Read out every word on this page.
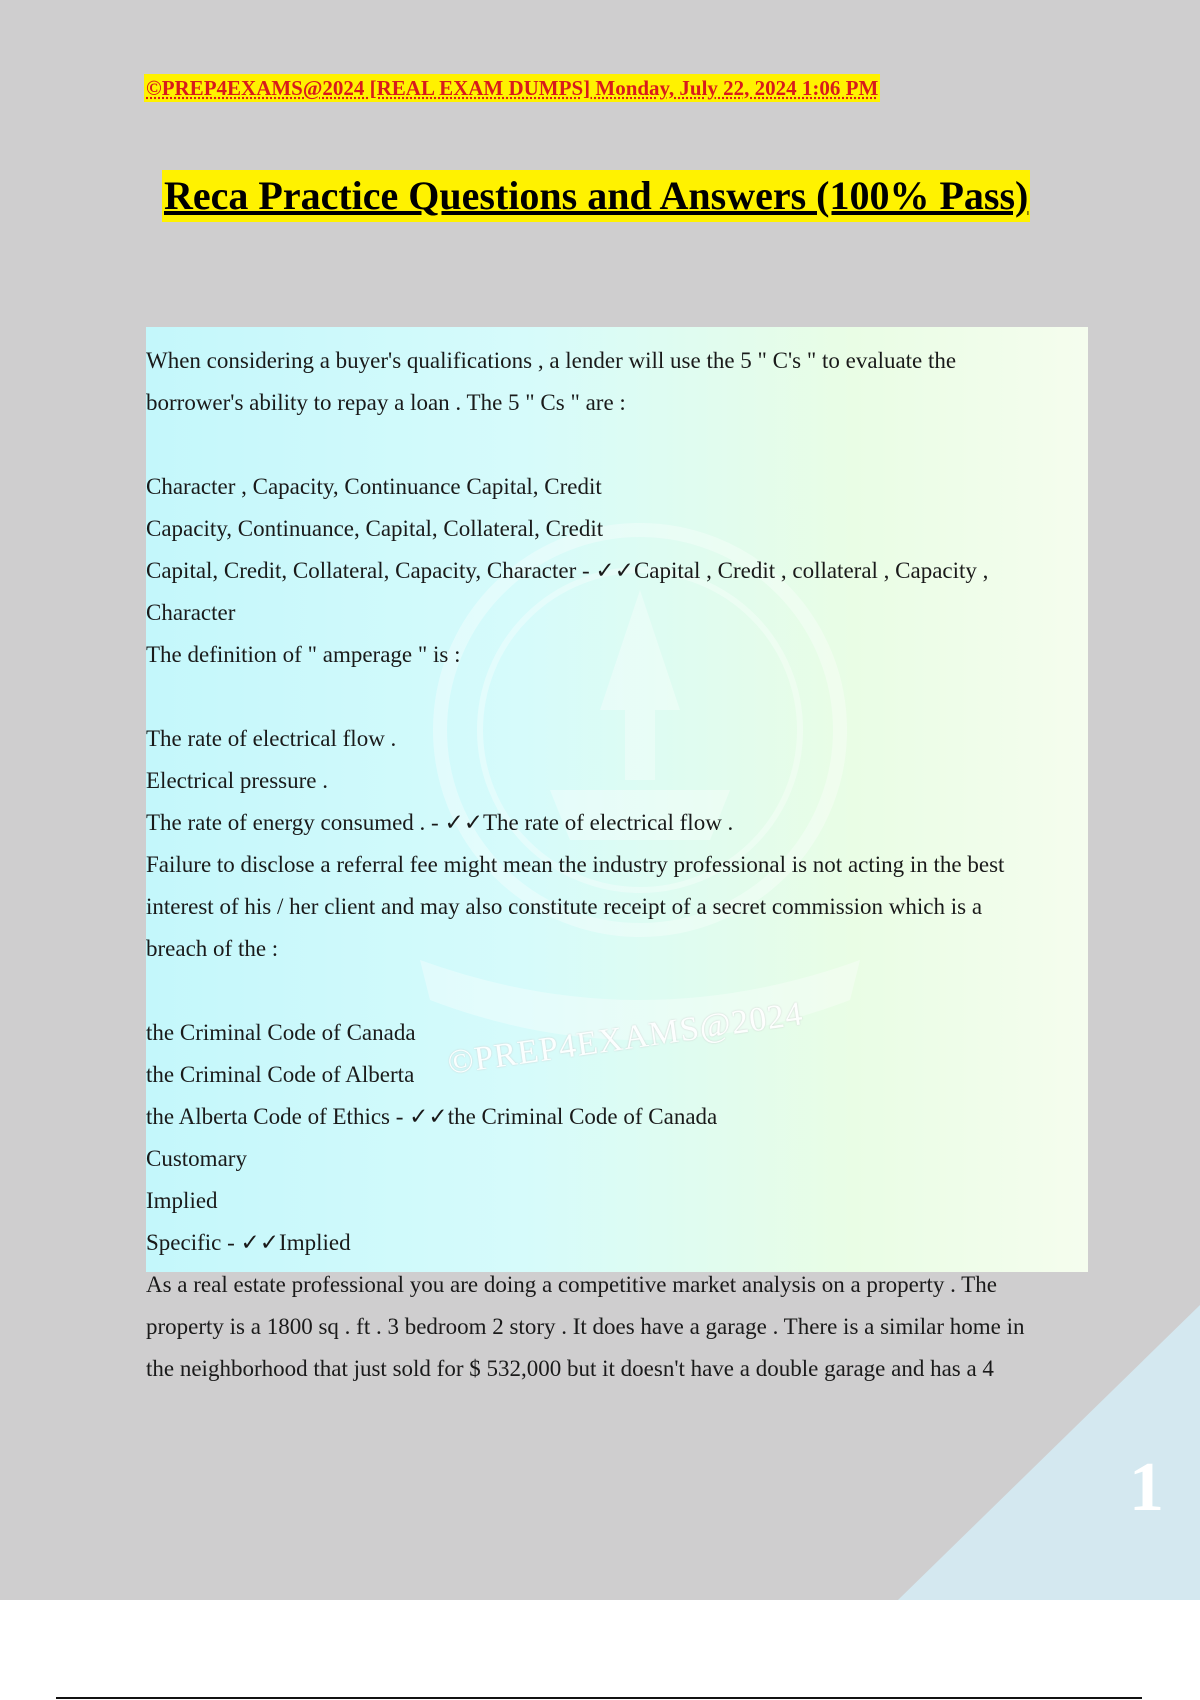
©PREP4EXAMS@2024 [REAL EXAM DUMPS] Monday, July 22, 2024 1:06 PM
Reca Practice Questions and Answers (100% Pass)
©PREP4EXAMS@2024
When considering a buyer's qualifications , a lender will use the 5 " C's " to evaluate the
borrower's ability to repay a loan . The 5 " Cs " are :
Character , Capacity, Continuance Capital, Credit
Capacity, Continuance, Capital, Collateral, Credit
Capital, Credit, Collateral, Capacity, Character - ✓✓Capital , Credit , collateral , Capacity ,
Character
The definition of " amperage " is :
The rate of electrical flow .
Electrical pressure .
The rate of energy consumed . - ✓✓The rate of electrical flow .
Failure to disclose a referral fee might mean the industry professional is not acting in the best
interest of his / her client and may also constitute receipt of a secret commission which is a
breach of the :
the Criminal Code of Canada
the Criminal Code of Alberta
the Alberta Code of Ethics - ✓✓the Criminal Code of Canada
Customary
Implied
Specific - ✓✓Implied
As a real estate professional you are doing a competitive market analysis on a property . The
property is a 1800 sq . ft . 3 bedroom 2 story . It does have a garage . There is a similar home in
the neighborhood that just sold for $ 532,000 but it doesn't have a double garage and has a 4
1
